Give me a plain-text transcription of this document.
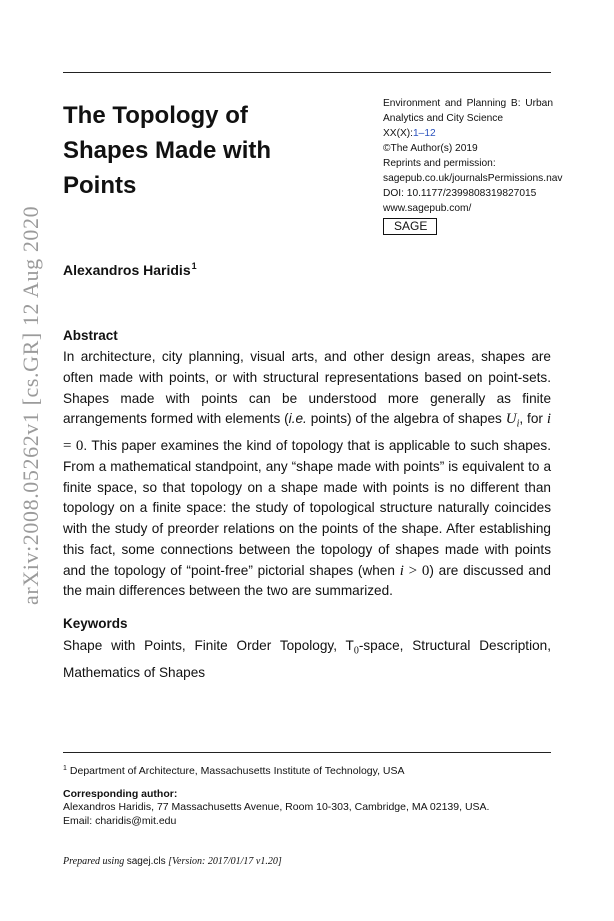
arXiv:2008.05262v1 [cs.GR] 12 Aug 2020
The Topology of Shapes Made with Points
Environment and Planning B: Urban
Analytics and City Science
XX(X):1–12
©The Author(s) 2019
Reprints and permission:
sagepub.co.uk/journalsPermissions.nav
DOI: 10.1177/2399808319827015
www.sagepub.com/
SAGE
Alexandros Haridis$^1$
Abstract

In architecture, city planning, visual arts, and other design areas, shapes are often made with points, or with structural representations based on point-sets. Shapes made with points can be understood more generally as finite arrangements formed with elements (i.e. points) of the algebra of shapes $U_i$, for i = 0. This paper examines the kind of topology that is applicable to such shapes. From a mathematical standpoint, any “shape made with points” is equivalent to a finite space, so that topology on a shape made with points is no different than topology on a finite space: the study of topological structure naturally coincides with the study of preorder relations on the points of the shape. After establishing this fact, some connections between the topology of shapes made with points and the topology of “point-free” pictorial shapes (when i > 0) are discussed and the main differences between the two are summarized.

Keywords

Shape with Points, Finite Order Topology, $T_0$-space, Structural Description, Mathematics of Shapes

$^1$ Department of Architecture, Massachusetts Institute of Technology, USA
Corresponding author:
Alexandros Haridis, 77 Massachusetts Avenue, Room 10-303, Cambridge, MA 02139, USA.
Email: charidis@mit.edu
Prepared using sagej.cls [Version: 2017/01/17 v1.20]
